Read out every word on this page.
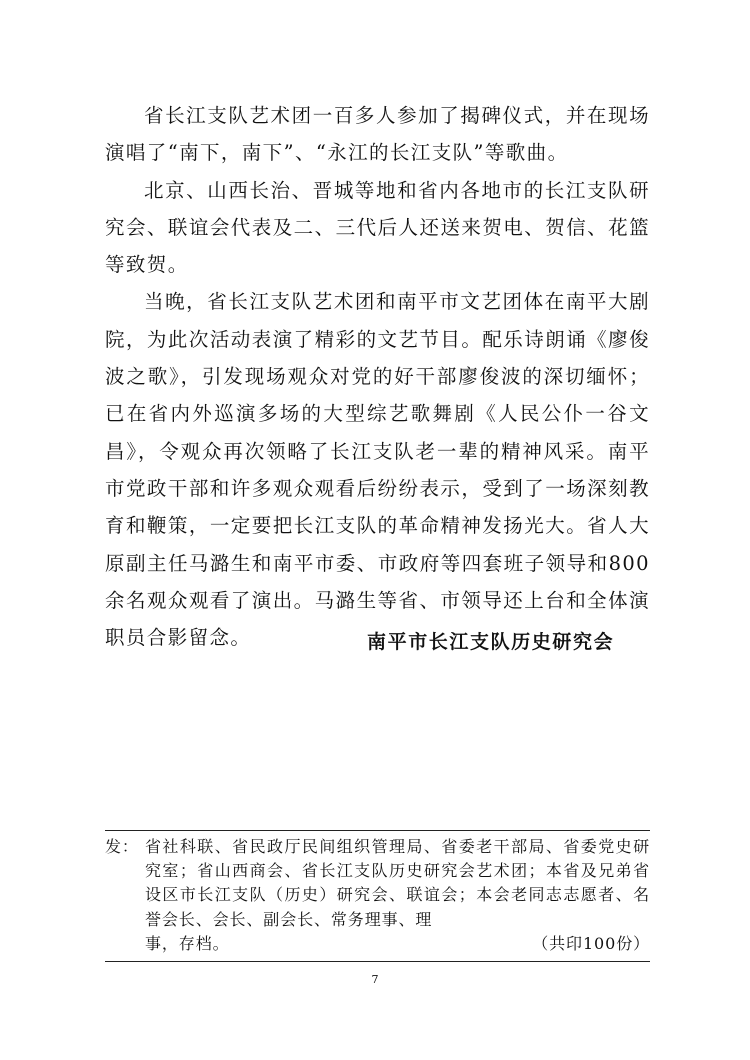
省长江支队艺术团一百多人参加了揭碑仪式，并在现场演唱了“南下，南下”、“永江的长江支队”等歌曲。

北京、山西长治、晋城等地和省内各地市的长江支队研究会、联谊会代表及二、三代后人还送来贺电、贺信、花篮等致贺。

当晚，省长江支队艺术团和南平市文艺团体在南平大剧院，为此次活动表演了精彩的文艺节目。配乐诗朗诵《廖俊波之歌》，引发现场观众对党的好干部廖俊波的深切缅怀；已在省内外巡演多场的大型综艺歌舞剧《人民公仆一谷文昌》，令观众再次领略了长江支队老一辈的精神风采。南平市党政干部和许多观众观看后纷纷表示，受到了一场深刻教育和鞭策，一定要把长江支队的革命精神发扬光大。省人大原副主任马潞生和南平市委、市政府等四套班子领导和800余名观众观看了演出。马潞生等省、市领导还上台和全体演职员合影留念。	南平市长江支队历史研究会
发： 省社科联、省民政厅民间组织管理局、省委老干部局、省委党史研究室；省山西商会、省长江支队历史研究会艺术团；本省及兄弟省设区市长江支队（历史）研究会、联谊会；本会老同志志愿者、名誉会长、会长、副会长、常务理事、理
事，存档。	（共印100份）
7
